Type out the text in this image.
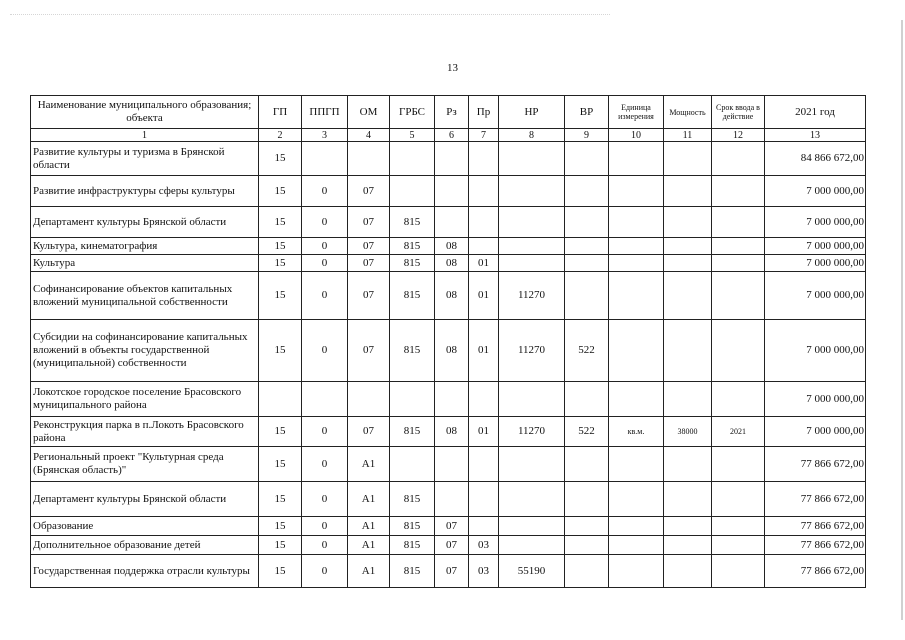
13
Наименование муниципального образования; объекта	ГП	ППГП	ОМ	ГРБС	Рз	Пр	НР	ВР	Единица измерения	Мощность	Срок ввода в действие	2021 год
1	2	3	4	5	6	7	8	9	10	11	12	13
Развитие культуры и туризма в Брянской области	15											84 866 672,00
Развитие инфраструктуры сферы культуры	15	0	07									7 000 000,00
Департамент культуры Брянской области	15	0	07	815								7 000 000,00
Культура, кинематография	15	0	07	815	08							7 000 000,00
Культура	15	0	07	815	08	01						7 000 000,00
Софинансирование объектов капитальных вложений муниципальной собственности	15	0	07	815	08	01	11270					7 000 000,00
Субсидии на софинансирование капитальных вложений в объекты государственной (муниципальной) собственности	15	0	07	815	08	01	11270	522				7 000 000,00
Локотское городское поселение Брасовского муниципального района												7 000 000,00
Реконструкция парка в п.Локоть Брасовского района	15	0	07	815	08	01	11270	522	кв.м.	38000	2021	7 000 000,00
Региональный проект "Культурная среда (Брянская область)"	15	0	А1									77 866 672,00
Департамент культуры Брянской области	15	0	А1	815								77 866 672,00
Образование	15	0	А1	815	07							77 866 672,00
Дополнительное образование детей	15	0	А1	815	07	03						77 866 672,00
Государственная поддержка отрасли культуры	15	0	А1	815	07	03	55190					77 866 672,00
